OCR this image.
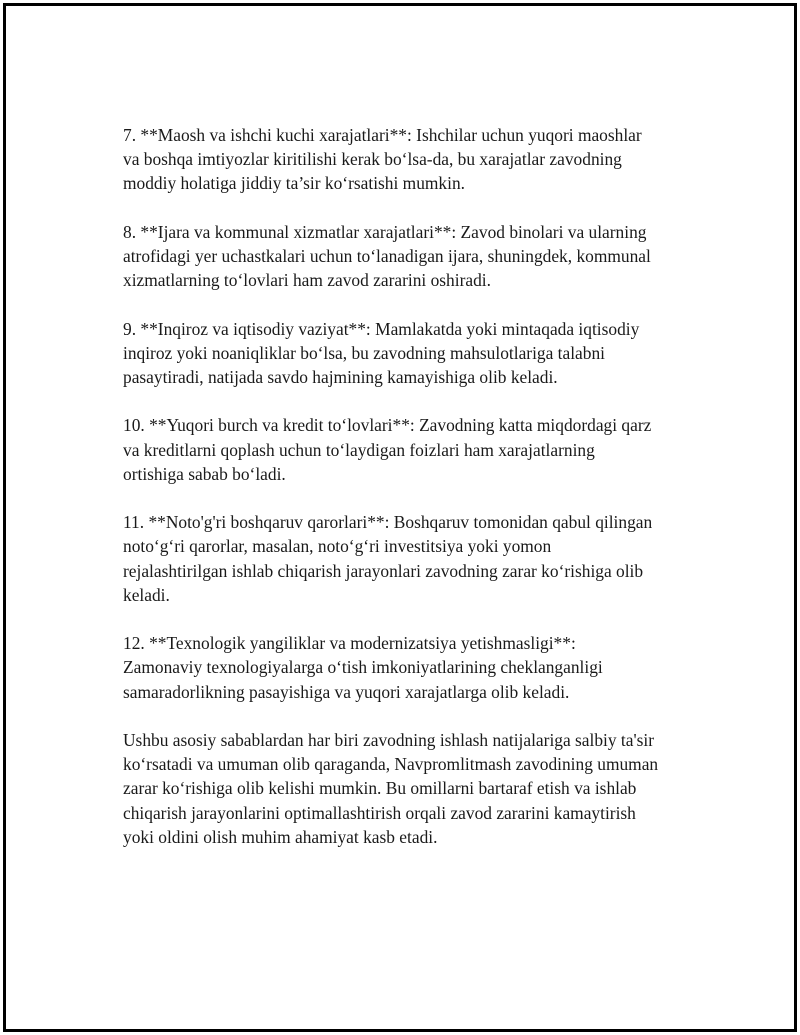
7. **Maosh va ishchi kuchi xarajatlari**: Ishchilar uchun yuqori maoshlar
va boshqa imtiyozlar kiritilishi kerak bo‘lsa-da, bu xarajatlar zavodning
moddiy holatiga jiddiy ta’sir ko‘rsatishi mumkin.

8. **Ijara va kommunal xizmatlar xarajatlari**: Zavod binolari va ularning
atrofidagi yer uchastkalari uchun to‘lanadigan ijara, shuningdek, kommunal
xizmatlarning to‘lovlari ham zavod zararini oshiradi.

9. **Inqiroz va iqtisodiy vaziyat**: Mamlakatda yoki mintaqada iqtisodiy
inqiroz yoki noaniqliklar bo‘lsa, bu zavodning mahsulotlariga talabni
pasaytiradi, natijada savdo hajmining kamayishiga olib keladi.

10. **Yuqori burch va kredit to‘lovlari**: Zavodning katta miqdordagi qarz
va kreditlarni qoplash uchun to‘laydigan foizlari ham xarajatlarning
ortishiga sabab bo‘ladi.

11. **Noto'g'ri boshqaruv qarorlari**: Boshqaruv tomonidan qabul qilingan
noto‘g‘ri qarorlar, masalan, noto‘g‘ri investitsiya yoki yomon
rejalashtirilgan ishlab chiqarish jarayonlari zavodning zarar ko‘rishiga olib
keladi.

12. **Texnologik yangiliklar va modernizatsiya yetishmasligi**:
Zamonaviy texnologiyalarga o‘tish imkoniyatlarining cheklanganligi
samaradorlikning pasayishiga va yuqori xarajatlarga olib keladi.

Ushbu asosiy sabablardan har biri zavodning ishlash natijalariga salbiy ta'sir
ko‘rsatadi va umuman olib qaraganda, Navpromlitmash zavodining umuman
zarar ko‘rishiga olib kelishi mumkin. Bu omillarni bartaraf etish va ishlab
chiqarish jarayonlarini optimallashtirish orqali zavod zararini kamaytirish
yoki oldini olish muhim ahamiyat kasb etadi.
